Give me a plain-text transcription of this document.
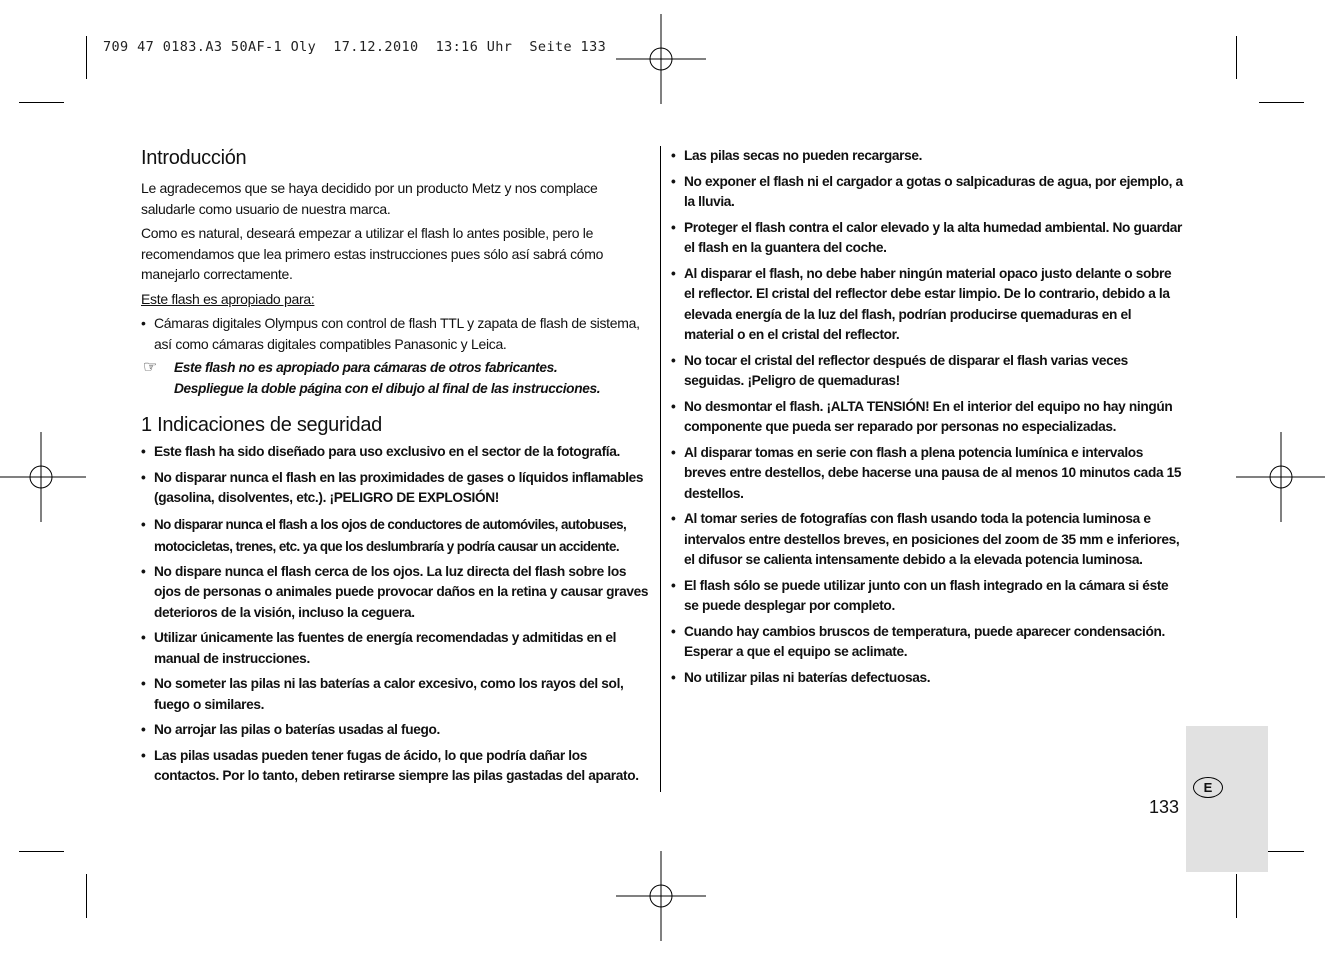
709 47 0183.A3 50AF-1 Oly  17.12.2010  13:16 Uhr  Seite 133
Introducción

Le agradecemos que se haya decidido por un producto Metz y nos complace saludarle como usuario de nuestra marca.

Como es natural, deseará empezar a utilizar el flash lo antes posible, pero le recomendamos que lea primero estas instrucciones pues sólo así sabrá cómo manejarlo correctamente.

Este flash es apropiado para:

• Cámaras digitales Olympus con control de flash TTL y zapata de flash de sistema, así como cámaras digitales compatibles Panasonic y Leica.

☞ Este flash no es apropiado para cámaras de otros fabricantes.
Despliegue la doble página con el dibujo al final de las instrucciones.
1 Indicaciones de seguridad
• Este flash ha sido diseñado para uso exclusivo en el sector de la fotografía.
• No disparar nunca el flash en las proximidades de gases o líquidos inflamables (gasolina, disolventes, etc.). ¡PELIGRO DE EXPLOSIÓN!
• No disparar nunca el flash a los ojos de conductores de automóviles, autobuses, motocicletas, trenes, etc. ya que los deslumbraría y podría causar un accidente.
• No dispare nunca el flash cerca de los ojos. La luz directa del flash sobre los ojos de personas o animales puede provocar daños en la retina y causar graves deterioros de la visión, incluso la ceguera.
• Utilizar únicamente las fuentes de energía recomendadas y admitidas en el manual de instrucciones.
• No someter las pilas ni las baterías a calor excesivo, como los rayos del sol, fuego o similares.
• No arrojar las pilas o baterías usadas al fuego.
• Las pilas usadas pueden tener fugas de ácido, lo que podría dañar los contactos. Por lo tanto, deben retirarse siempre las pilas gastadas del aparato.
• Las pilas secas no pueden recargarse.
• No exponer el flash ni el cargador a gotas o salpicaduras de agua, por ejemplo, a la lluvia.
• Proteger el flash contra el calor elevado y la alta humedad ambiental. No guardar el flash en la guantera del coche.
• Al disparar el flash, no debe haber ningún material opaco justo delante o sobre el reflector. El cristal del reflector debe estar limpio. De lo contrario, debido a la elevada energía de la luz del flash, podrían producirse quemaduras en el material o en el cristal del reflector.
• No tocar el cristal del reflector después de disparar el flash varias veces seguidas. ¡Peligro de quemaduras!
• No desmontar el flash. ¡ALTA TENSIÓN! En el interior del equipo no hay ningún componente que pueda ser reparado por personas no especializadas.
• Al disparar tomas en serie con flash a plena potencia lumínica e intervalos breves entre destellos, debe hacerse una pausa de al menos 10 minutos cada 15 destellos.
• Al tomar series de fotografías con flash usando toda la potencia luminosa e intervalos entre destellos breves, en posiciones del zoom de 35 mm e inferiores, el difusor se calienta intensamente debido a la elevada potencia luminosa.
• El flash sólo se puede utilizar junto con un flash integrado en la cámara si éste se puede desplegar por completo.
• Cuando hay cambios bruscos de temperatura, puede aparecer condensación. Esperar a que el equipo se aclimate.
• No utilizar pilas ni baterías defectuosas.
E
133
